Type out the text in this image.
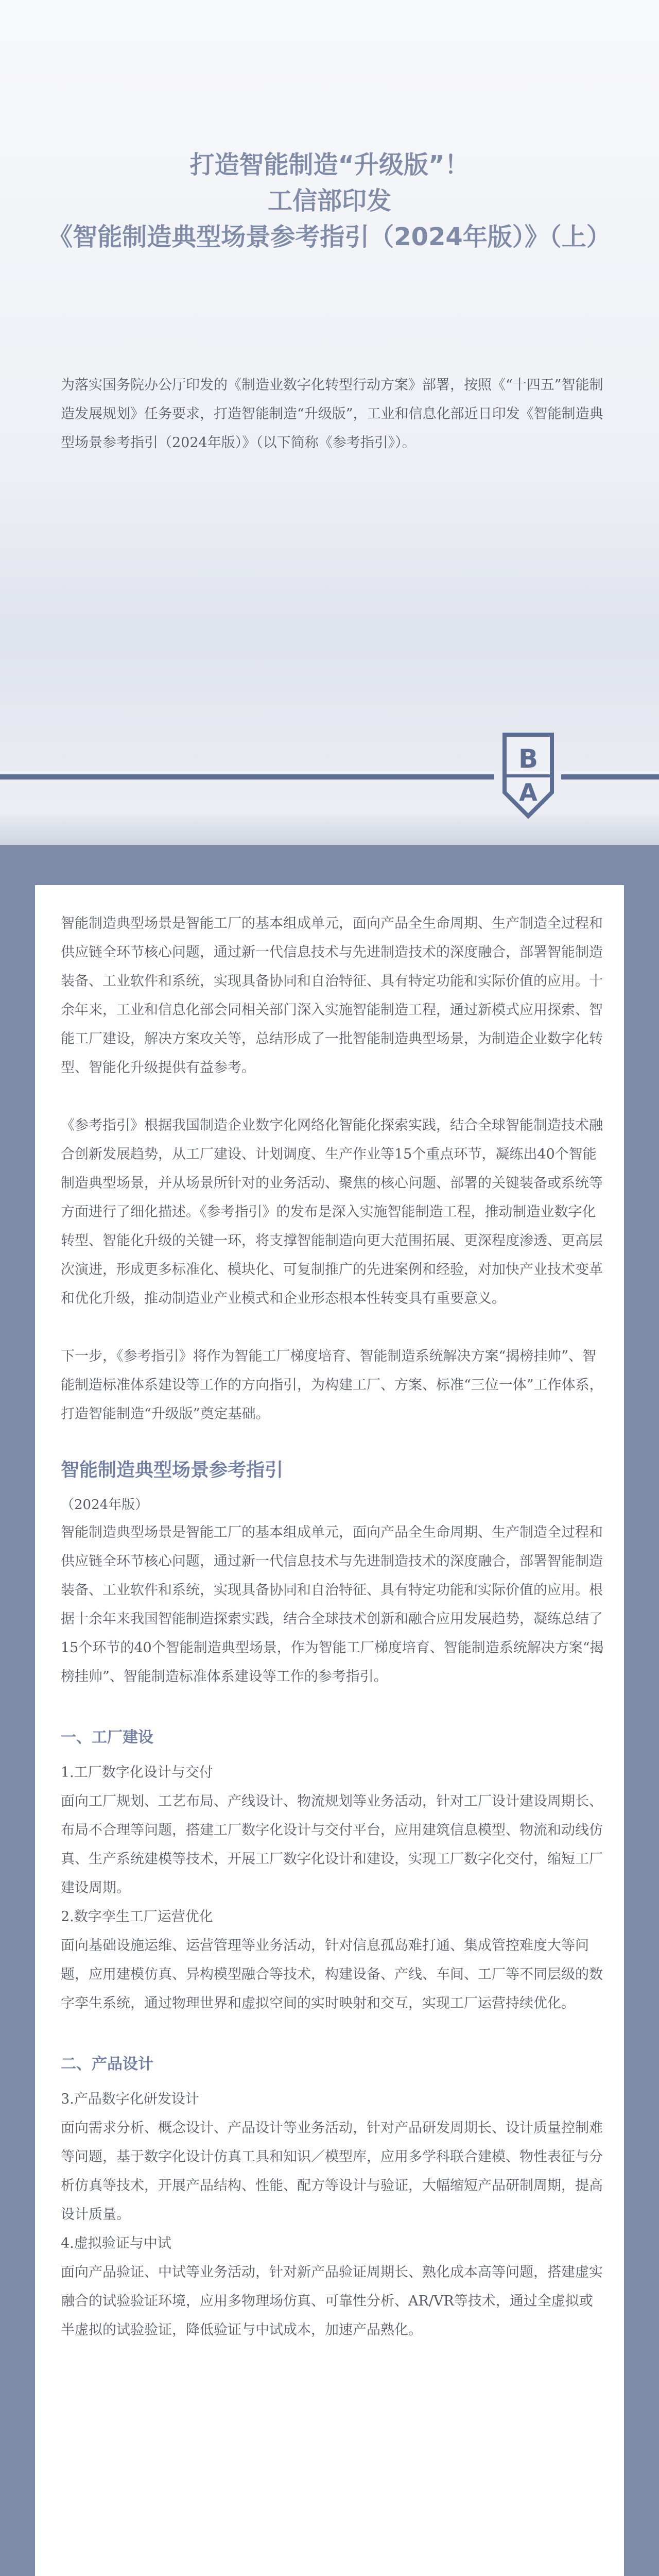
打造智能制造“升级版”！
工信部印发
《智能制造典型场景参考指引（2024年版）》（上）
为落实国务院办公厅印发的《制造业数字化转型行动方案》部署，按照《“十四五”智能制造发展规划》任务要求，打造智能制造“升级版”，工业和信息化部近日印发《智能制造典型场景参考指引（2024年版）》（以下简称《参考指引》）。
B
A

智能制造典型场景是智能工厂的基本组成单元，面向产品全生命周期、生产制造全过程和供应链全环节核心问题，通过新一代信息技术与先进制造技术的深度融合，部署智能制造装备、工业软件和系统，实现具备协同和自治特征、具有特定功能和实际价值的应用。十余年来，工业和信息化部会同相关部门深入实施智能制造工程，通过新模式应用探索、智能工厂建设，解决方案攻关等，总结形成了一批智能制造典型场景，为制造企业数字化转型、智能化升级提供有益参考。

《参考指引》根据我国制造企业数字化网络化智能化探索实践，结合全球智能制造技术融合创新发展趋势，从工厂建设、计划调度、生产作业等15个重点环节，凝练出40个智能制造典型场景，并从场景所针对的业务活动、聚焦的核心问题、部署的关键装备或系统等方面进行了细化描述。《参考指引》的发布是深入实施智能制造工程，推动制造业数字化转型、智能化升级的关键一环，将支撑智能制造向更大范围拓展、更深程度渗透、更高层次演进，形成更多标准化、模块化、可复制推广的先进案例和经验，对加快产业技术变革和优化升级，推动制造业产业模式和企业形态根本性转变具有重要意义。

下一步，《参考指引》将作为智能工厂梯度培育、智能制造系统解决方案“揭榜挂帅”、智能制造标准体系建设等工作的方向指引，为构建工厂、方案、标准“三位一体”工作体系，打造智能制造“升级版”奠定基础。

智能制造典型场景参考指引

（2024年版）

智能制造典型场景是智能工厂的基本组成单元，面向产品全生命周期、生产制造全过程和供应链全环节核心问题，通过新一代信息技术与先进制造技术的深度融合，部署智能制造装备、工业软件和系统，实现具备协同和自治特征、具有特定功能和实际价值的应用。根据十余年来我国智能制造探索实践，结合全球技术创新和融合应用发展趋势，凝练总结了15个环节的40个智能制造典型场景，作为智能工厂梯度培育、智能制造系统解决方案“揭榜挂帅”、智能制造标准体系建设等工作的参考指引。

一、工厂建设

1.工厂数字化设计与交付

面向工厂规划、工艺布局、产线设计、物流规划等业务活动，针对工厂设计建设周期长、布局不合理等问题，搭建工厂数字化设计与交付平台，应用建筑信息模型、物流和动线仿真、生产系统建模等技术，开展工厂数字化设计和建设，实现工厂数字化交付，缩短工厂建设周期。

2.数字孪生工厂运营优化

面向基础设施运维、运营管理等业务活动，针对信息孤岛难打通、集成管控难度大等问题，应用建模仿真、异构模型融合等技术，构建设备、产线、车间、工厂等不同层级的数字孪生系统，通过物理世界和虚拟空间的实时映射和交互，实现工厂运营持续优化。

二、产品设计

3.产品数字化研发设计

面向需求分析、概念设计、产品设计等业务活动，针对产品研发周期长、设计质量控制难等问题，基于数字化设计仿真工具和知识／模型库，应用多学科联合建模、物性表征与分析仿真等技术，开展产品结构、性能、配方等设计与验证，大幅缩短产品研制周期，提高设计质量。

4.虚拟验证与中试

面向产品验证、中试等业务活动，针对新产品验证周期长、熟化成本高等问题，搭建虚实融合的试验验证环境，应用多物理场仿真、可靠性分析、AR/VR等技术，通过全虚拟或半虚拟的试验验证，降低验证与中试成本，加速产品熟化。
